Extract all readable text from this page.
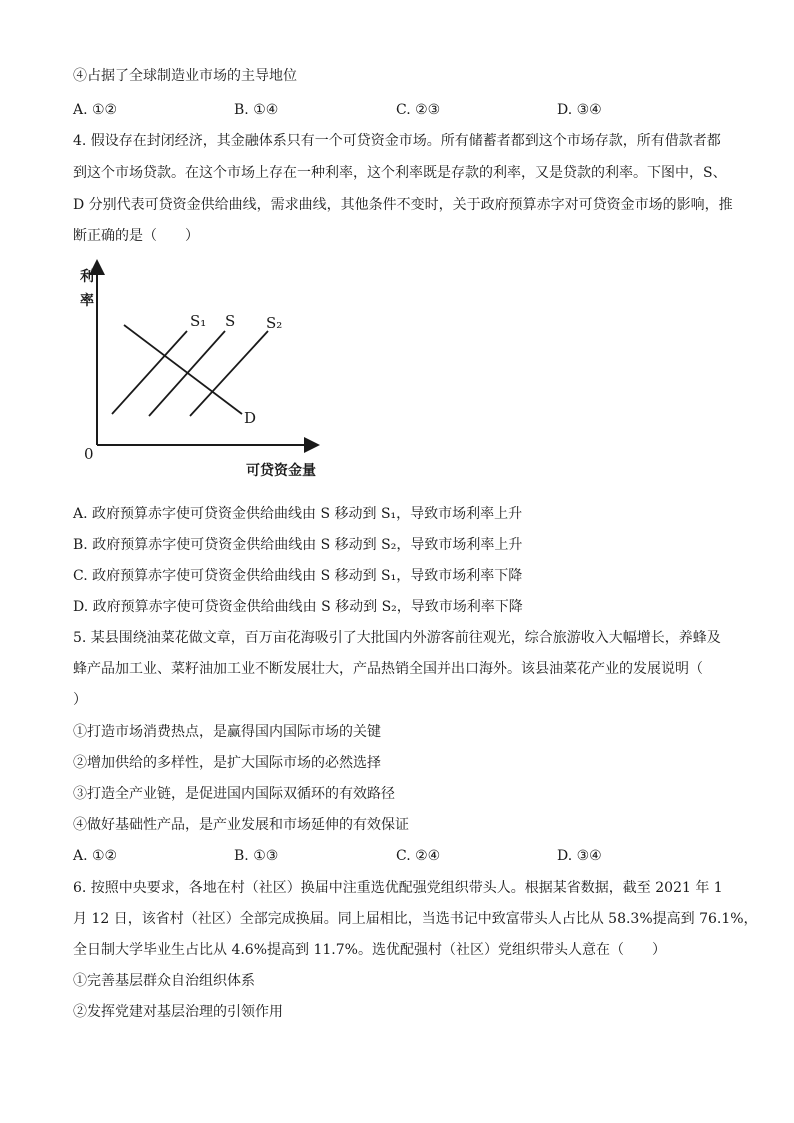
④占据了全球制造业市场的主导地位
A. ①②	B. ①④	C. ②③	D. ③④
4. 假设存在封闭经济，其金融体系只有一个可贷资金市场。所有储蓄者都到这个市场存款，所有借款者都
到这个市场贷款。在这个市场上存在一种利率，这个利率既是存款的利率，又是贷款的利率。下图中，S、
D 分别代表可贷资金供给曲线，需求曲线，其他条件不变时，关于政府预算赤字对可贷资金市场的影响，推
断正确的是（　　）
利
率
0
可贷资金量
S₁ S S₂
D
A. 政府预算赤字使可贷资金供给曲线由 S 移动到 S₁，导致市场利率上升
B. 政府预算赤字使可贷资金供给曲线由 S 移动到 S₂，导致市场利率上升
C. 政府预算赤字使可贷资金供给曲线由 S 移动到 S₁，导致市场利率下降
D. 政府预算赤字使可贷资金供给曲线由 S 移动到 S₂，导致市场利率下降
5. 某县围绕油菜花做文章，百万亩花海吸引了大批国内外游客前往观光，综合旅游收入大幅增长，养蜂及
蜂产品加工业、菜籽油加工业不断发展壮大，产品热销全国并出口海外。该县油菜花产业的发展说明（
）
①打造市场消费热点，是赢得国内国际市场的关键
②增加供给的多样性，是扩大国际市场的必然选择
③打造全产业链，是促进国内国际双循环的有效路径
④做好基础性产品，是产业发展和市场延伸的有效保证
A. ①②	B. ①③	C. ②④	D. ③④
6. 按照中央要求，各地在村（社区）换届中注重选优配强党组织带头人。根据某省数据，截至 2021 年 1
月 12 日，该省村（社区）全部完成换届。同上届相比，当选书记中致富带头人占比从 58.3%提高到 76.1%，
全日制大学毕业生占比从 4.6%提高到 11.7%。选优配强村（社区）党组织带头人意在（　　）
①完善基层群众自治组织体系
②发挥党建对基层治理的引领作用
